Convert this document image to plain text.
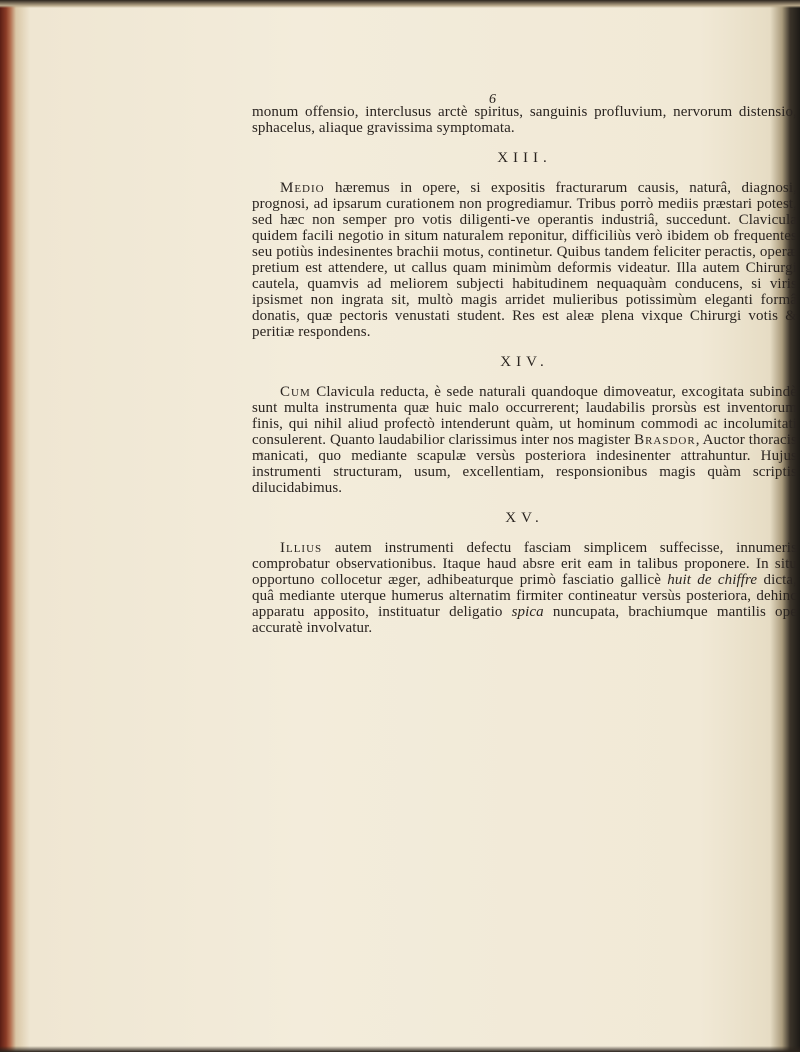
6

monum offensio, interclusus arctè spiritus, sanguinis profluvium, nervorum distensio, sphacelus, aliaque gravissima symptomata.

XIII.

Medio hæremus in opere, si expositis fracturarum causis, naturâ, diagnosi, prognosi, ad ipsarum curationem non progrediamur. Tribus porrò mediis præstari potest, sed hæc non semper pro votis diligenti-ve operantis industriâ, succedunt. Clavicula quidem facili negotio in situm naturalem reponitur, difficiliùs verò ibidem ob frequentes seu potiùs indesinentes brachii motus, continetur. Quibus tandem feliciter peractis, operæ pretium est attendere, ut callus quam minimùm deformis videatur. Illa autem Chirurgi cautela, quamvis ad meliorem subjecti habitudinem nequaquàm conducens, si viris ipsismet non ingrata sit, multò magis arridet mulieribus potissimùm eleganti formâ donatis, quæ pectoris venustati student. Res est aleæ plena vixque Chirurgi votis & peritiæ respondens.

XIV.

Cum Clavicula reducta, è sede naturali quandoque dimoveatur, excogitata subindè sunt multa instrumenta quæ huic malo occurrerent; laudabilis prorsùs est inventorum finis, qui nihil aliud profectò intenderunt quàm, ut hominum commodi ac incolumitati consulerent. Quanto laudabilior clarissimus inter nos magister Brasdor, Auctor thoracis manicati, quo mediante scapulæ versùs posteriora indesinenter attrahuntur. Hujus instrumenti structuram, usum, excellentiam, responsionibus magis quàm scriptis dilucidabimus.

XV.

Illius autem instrumenti defectu fasciam simplicem suffecisse, innumeris comprobatur observationibus. Itaque haud absre erit eam in talibus proponere. In situ opportuno collocetur æger, adhibeaturque primò fasciatio gallicè huit de chiffre dicta, quâ mediante uterque humerus alternatim firmiter contineatur versùs posteriora, dehinc apparatu apposito, instituatur deligatio spica nuncupata, brachiumque mantilis ope accuratè involvatur.
